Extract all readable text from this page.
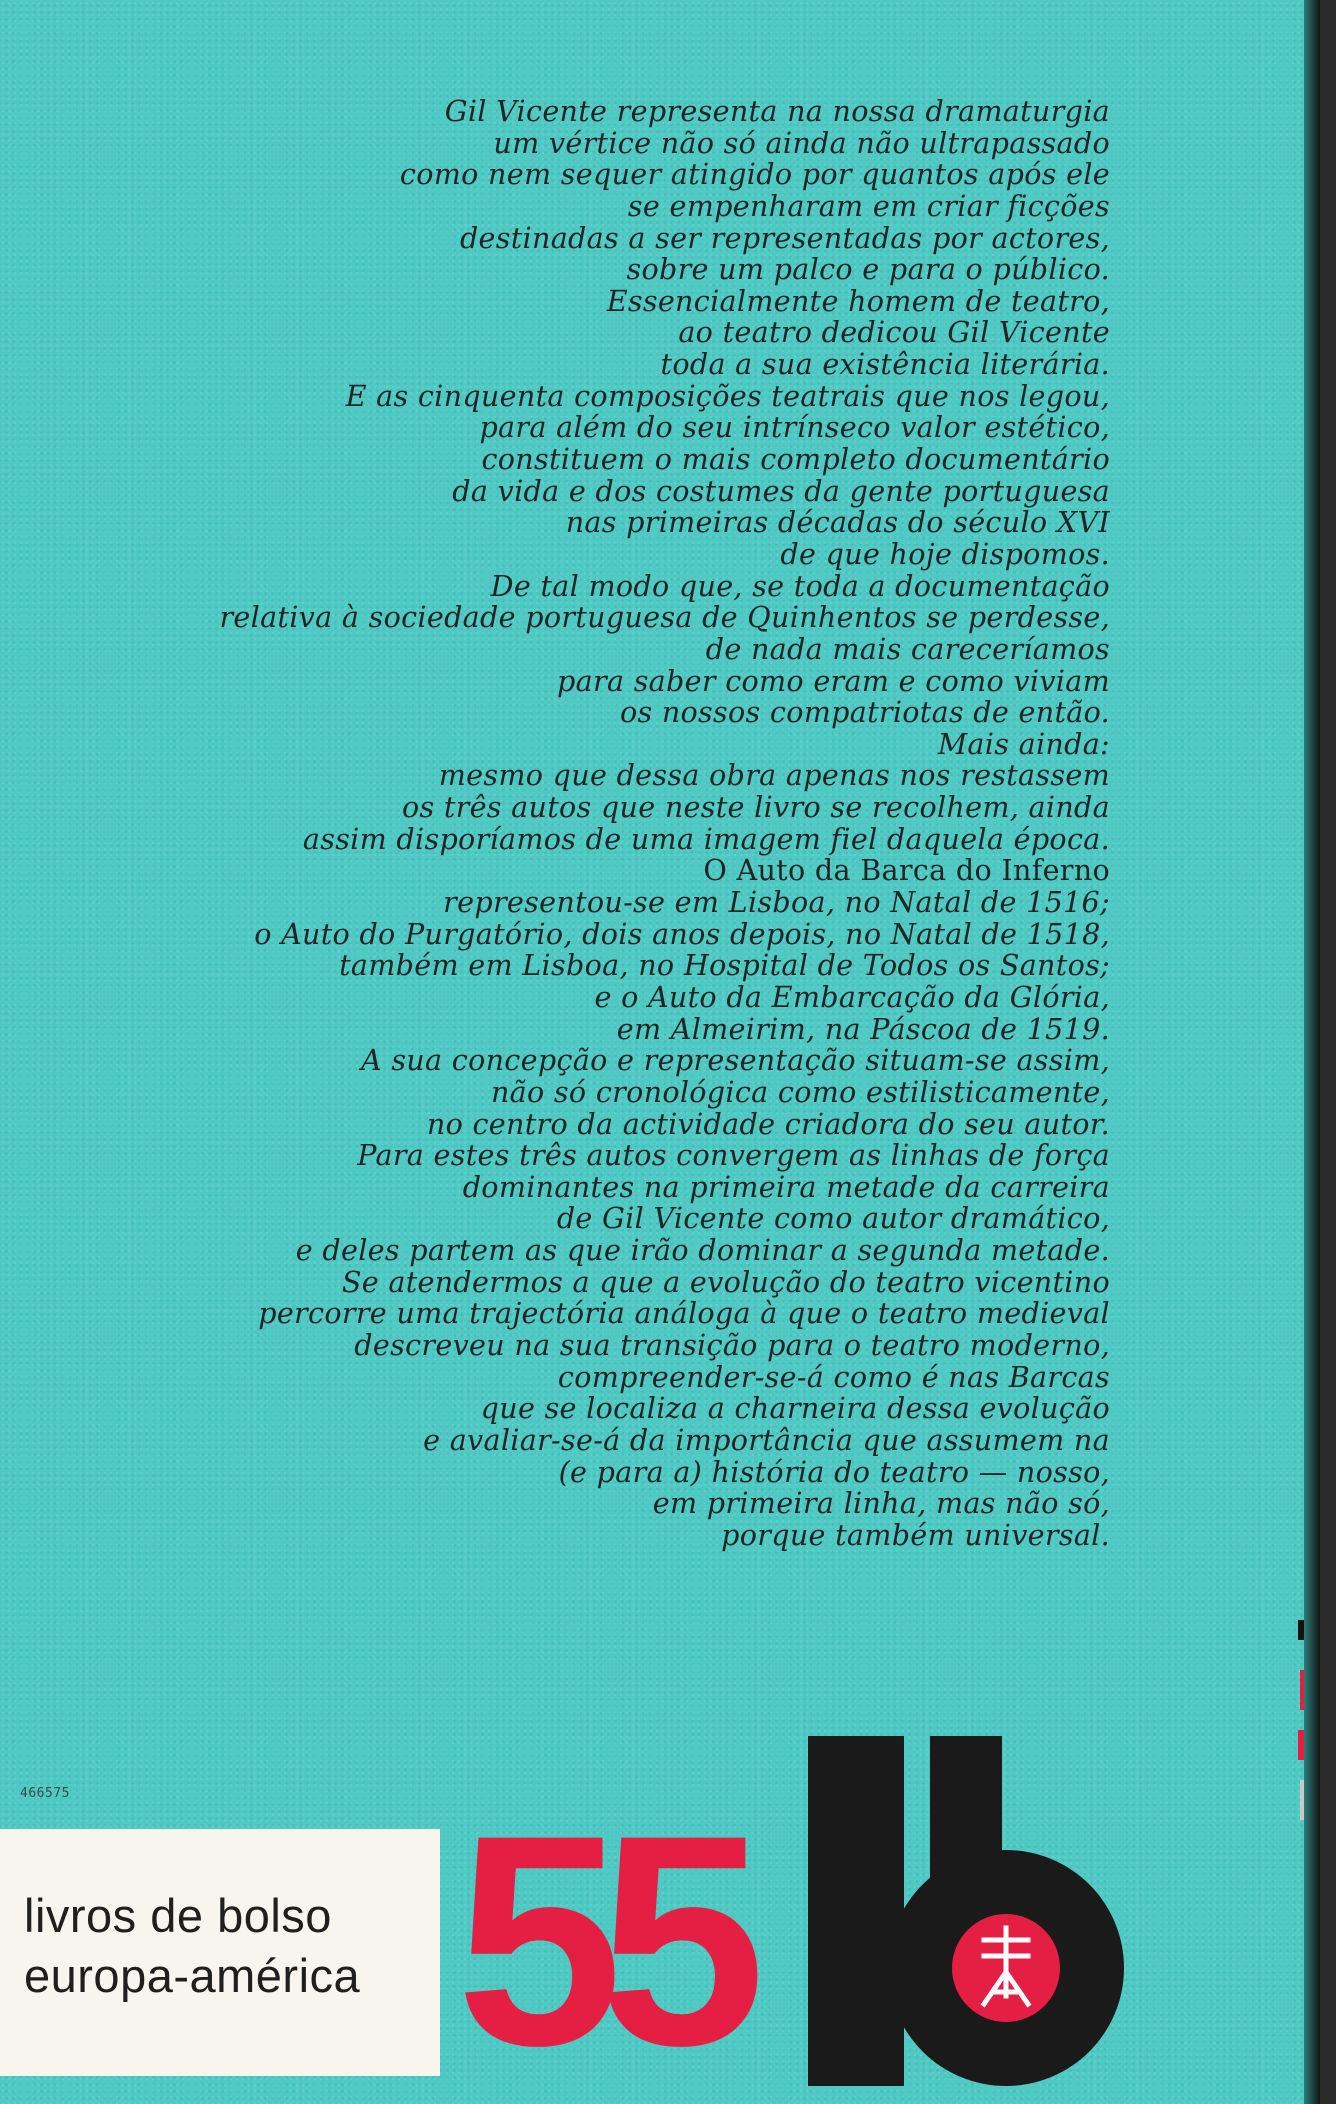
Gil Vicente representa na nossa dramaturgia
um vértice não só ainda não ultrapassado
como nem sequer atingido por quantos após ele
se empenharam em criar ficções
destinadas a ser representadas por actores,
sobre um palco e para o público.
Essencialmente homem de teatro,
ao teatro dedicou Gil Vicente
toda a sua existência literária.
E as cinquenta composições teatrais que nos legou,
para além do seu intrínseco valor estético,
constituem o mais completo documentário
da vida e dos costumes da gente portuguesa
nas primeiras décadas do século XVI
de que hoje dispomos.
De tal modo que, se toda a documentação
relativa à sociedade portuguesa de Quinhentos se perdesse,
de nada mais careceríamos
para saber como eram e como viviam
os nossos compatriotas de então.
Mais ainda:
mesmo que dessa obra apenas nos restassem
os três autos que neste livro se recolhem, ainda
assim disporíamos de uma imagem fiel daquela época.
O Auto da Barca do Inferno
representou-se em Lisboa, no Natal de 1516;
o Auto do Purgatório, dois anos depois, no Natal de 1518,
também em Lisboa, no Hospital de Todos os Santos;
e o Auto da Embarcação da Glória,
em Almeirim, na Páscoa de 1519.
A sua concepção e representação situam-se assim,
não só cronológica como estilisticamente,
no centro da actividade criadora do seu autor.
Para estes três autos convergem as linhas de força
dominantes na primeira metade da carreira
de Gil Vicente como autor dramático,
e deles partem as que irão dominar a segunda metade.
Se atendermos a que a evolução do teatro vicentino
percorre uma trajectória análoga à que o teatro medieval
descreveu na sua transição para o teatro moderno,
compreender-se-á como é nas Barcas
que se localiza a charneira dessa evolução
e avaliar-se-á da importância que assumem na
(e para a) história do teatro — nosso,
em primeira linha, mas não só,
porque também universal.
466575
livros de bolso
europa-américa 55
